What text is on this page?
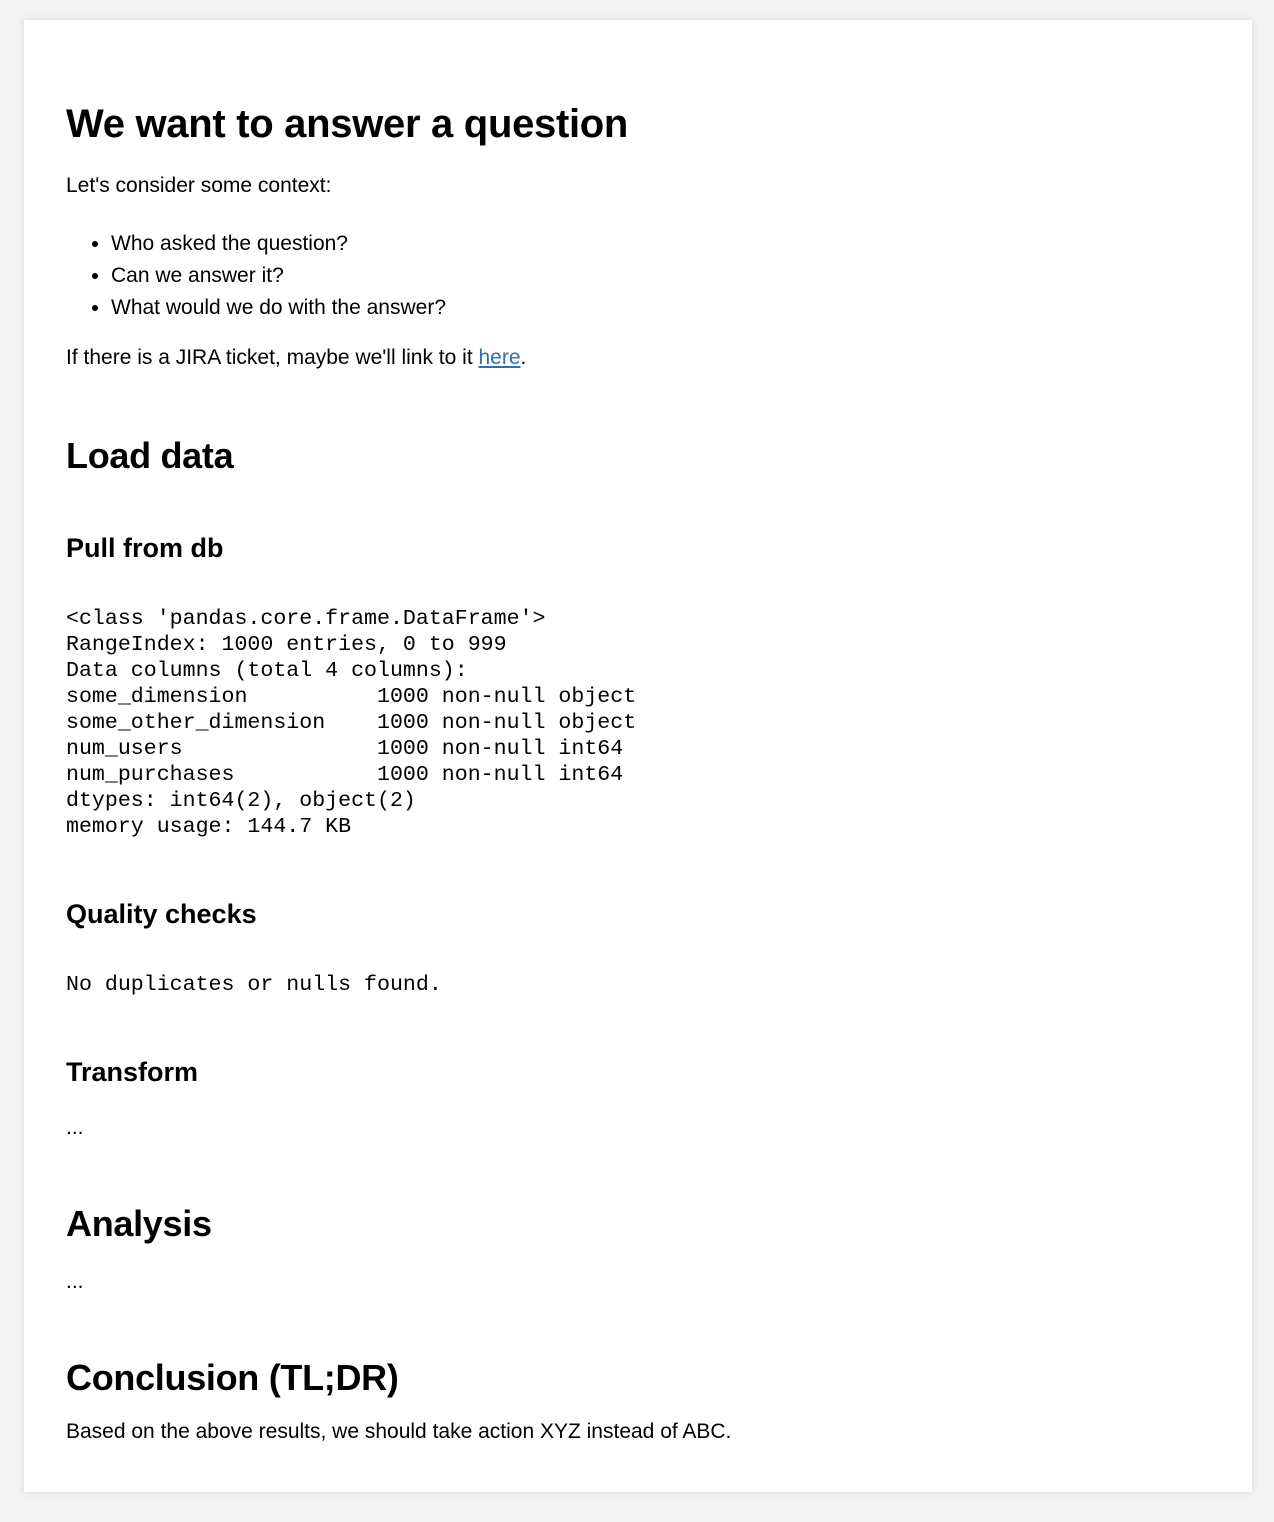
We want to answer a question

Let's consider some context:

• Who asked the question?
• Can we answer it?
• What would we do with the answer?

If there is a JIRA ticket, maybe we'll link to it here.

Load data
Pull from db
<class 'pandas.core.frame.DataFrame'>
RangeIndex: 1000 entries, 0 to 999
Data columns (total 4 columns):
some_dimension          1000 non-null object
some_other_dimension    1000 non-null object
num_users               1000 non-null int64
num_purchases           1000 non-null int64
dtypes: int64(2), object(2)
memory usage: 144.7 KB
Quality checks
No duplicates or nulls found.
Transform

...

Analysis

...

Conclusion (TL;DR)

Based on the above results, we should take action XYZ instead of ABC.
